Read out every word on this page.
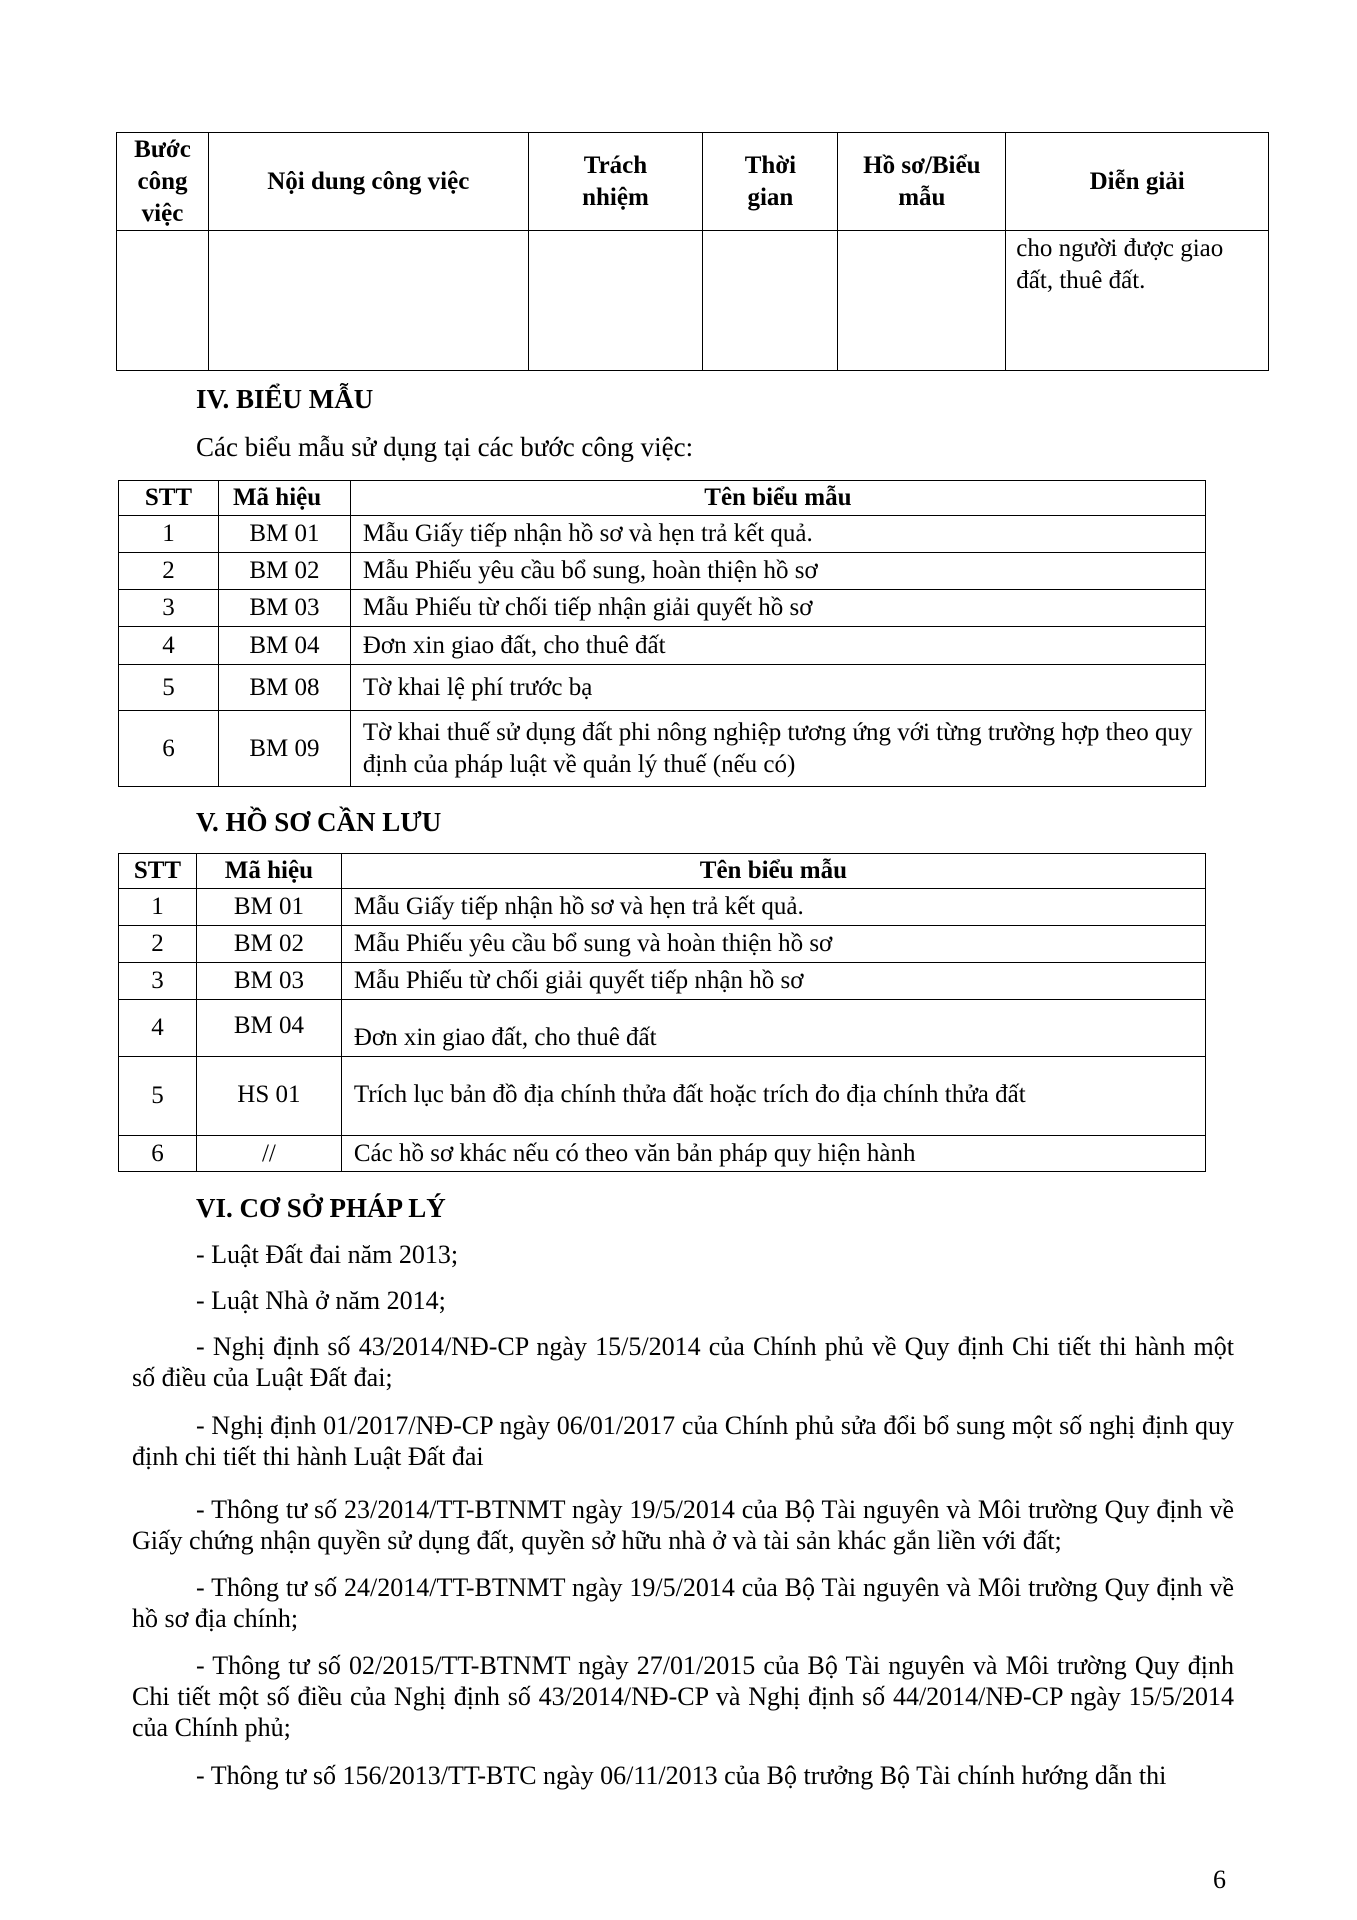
Bước công việc	Nội dung công việc	Trách nhiệm	Thời gian	Hồ sơ/Biểu mẫu	Diễn giải
					cho người được giao đất, thuê đất.
IV. BIỂU MẪU
Các biểu mẫu sử dụng tại các bước công việc:
STT	Mã hiệu	Tên biểu mẫu
1	BM 01	Mẫu Giấy tiếp nhận hồ sơ và hẹn trả kết quả.
2	BM 02	Mẫu Phiếu yêu cầu bổ sung, hoàn thiện hồ sơ
3	BM 03	Mẫu Phiếu từ chối tiếp nhận giải quyết hồ sơ
4	BM 04	Đơn xin giao đất, cho thuê đất
5	BM 08	Tờ khai lệ phí trước bạ
6	BM 09	Tờ khai thuế sử dụng đất phi nông nghiệp tương ứng với từng trường hợp theo quy định của pháp luật về quản lý thuế (nếu có)
V. HỒ SƠ CẦN LƯU
STT	Mã hiệu	Tên biểu mẫu
1	BM 01	Mẫu Giấy tiếp nhận hồ sơ và hẹn trả kết quả.
2	BM 02	Mẫu Phiếu yêu cầu bổ sung và hoàn thiện hồ sơ
3	BM 03	Mẫu Phiếu từ chối giải quyết tiếp nhận hồ sơ
4	BM 04	Đơn xin giao đất, cho thuê đất
5	HS 01	Trích lục bản đồ địa chính thửa đất hoặc trích đo địa chính thửa đất
6	//	Các hồ sơ khác nếu có theo văn bản pháp quy hiện hành
VI. CƠ SỞ PHÁP LÝ
- Luật Đất đai năm 2013;
- Luật Nhà ở năm 2014;
- Nghị định số 43/2014/NĐ-CP ngày 15/5/2014 của Chính phủ về Quy định Chi tiết thi hành một số điều của Luật Đất đai;
- Nghị định 01/2017/NĐ-CP ngày 06/01/2017 của Chính phủ sửa đổi bổ sung một số nghị định quy định chi tiết thi hành Luật Đất đai
- Thông tư số 23/2014/TT-BTNMT ngày 19/5/2014 của Bộ Tài nguyên và Môi trường Quy định về Giấy chứng nhận quyền sử dụng đất, quyền sở hữu nhà ở và tài sản khác gắn liền với đất;
- Thông tư số 24/2014/TT-BTNMT ngày 19/5/2014 của Bộ Tài nguyên và Môi trường Quy định về hồ sơ địa chính;
- Thông tư số 02/2015/TT-BTNMT ngày 27/01/2015 của Bộ Tài nguyên và Môi trường Quy định Chi tiết một số điều của Nghị định số 43/2014/NĐ-CP và Nghị định số 44/2014/NĐ-CP ngày 15/5/2014 của Chính phủ;
- Thông tư số 156/2013/TT-BTC ngày 06/11/2013 của Bộ trưởng Bộ Tài chính hướng dẫn thi
6
